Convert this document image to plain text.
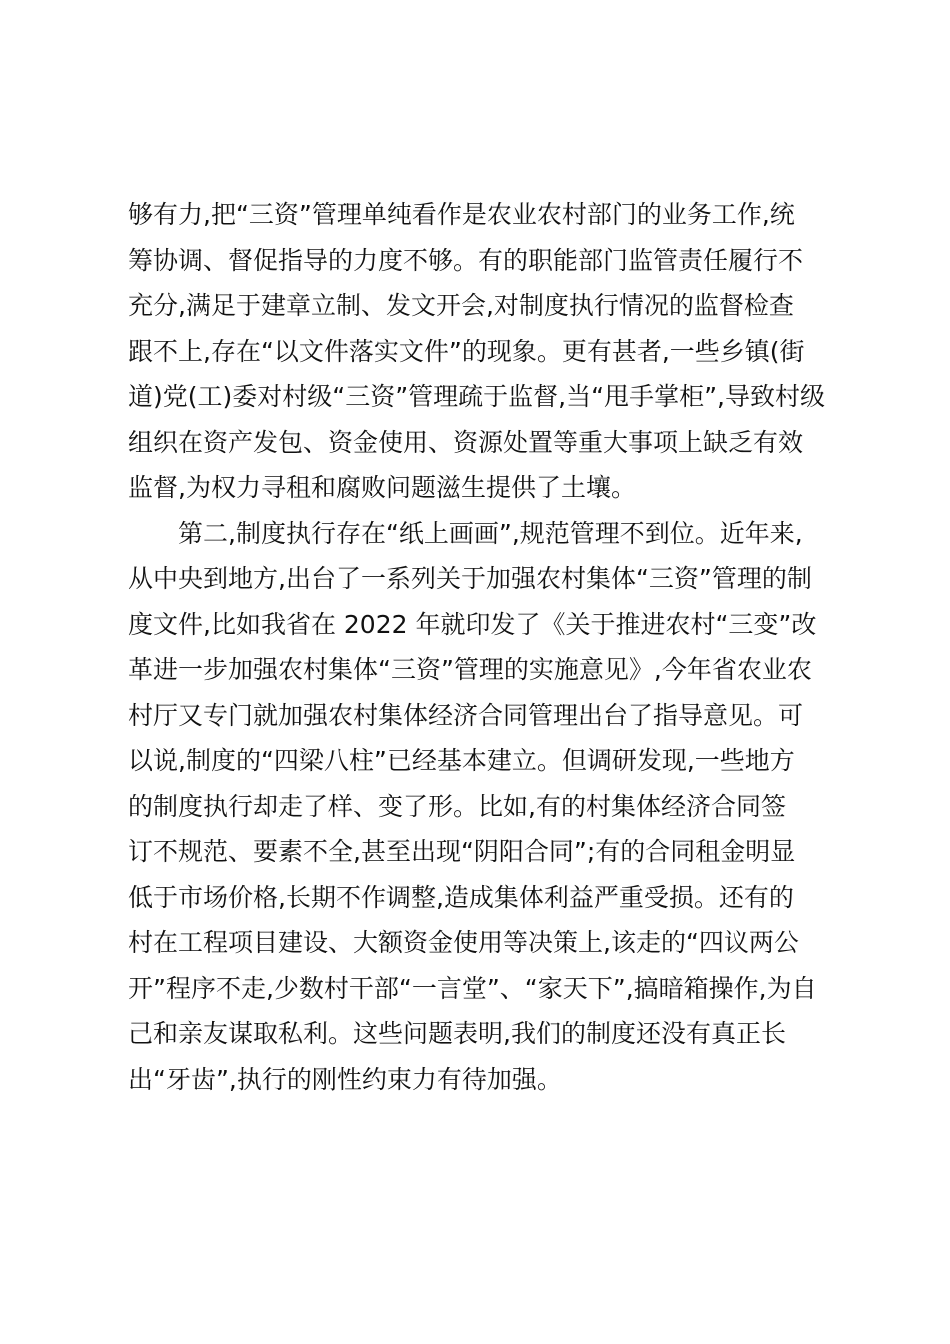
够有力,把“三资”管理单纯看作是农业农村部门的业务工作,统
筹协调、督促指导的力度不够。有的职能部门监管责任履行不
充分,满足于建章立制、发文开会,对制度执行情况的监督检查
跟不上,存在“以文件落实文件”的现象。更有甚者,一些乡镇(街
道)党(工)委对村级“三资”管理疏于监督,当“甩手掌柜”,导致村级
组织在资产发包、资金使用、资源处置等重大事项上缺乏有效
监督,为权力寻租和腐败问题滋生提供了土壤。
第二,制度执行存在“纸上画画”,规范管理不到位。近年来,
从中央到地方,出台了一系列关于加强农村集体“三资”管理的制
度文件,比如我省在 2022 年就印发了《关于推进农村“三变”改
革进一步加强农村集体“三资”管理的实施意见》,今年省农业农
村厅又专门就加强农村集体经济合同管理出台了指导意见。可
以说,制度的“四梁八柱”已经基本建立。但调研发现,一些地方
的制度执行却走了样、变了形。比如,有的村集体经济合同签
订不规范、要素不全,甚至出现“阴阳合同”;有的合同租金明显
低于市场价格,长期不作调整,造成集体利益严重受损。还有的
村在工程项目建设、大额资金使用等决策上,该走的“四议两公
开”程序不走,少数村干部“一言堂”、“家天下”,搞暗箱操作,为自
己和亲友谋取私利。这些问题表明,我们的制度还没有真正长
出“牙齿”,执行的刚性约束力有待加强。
